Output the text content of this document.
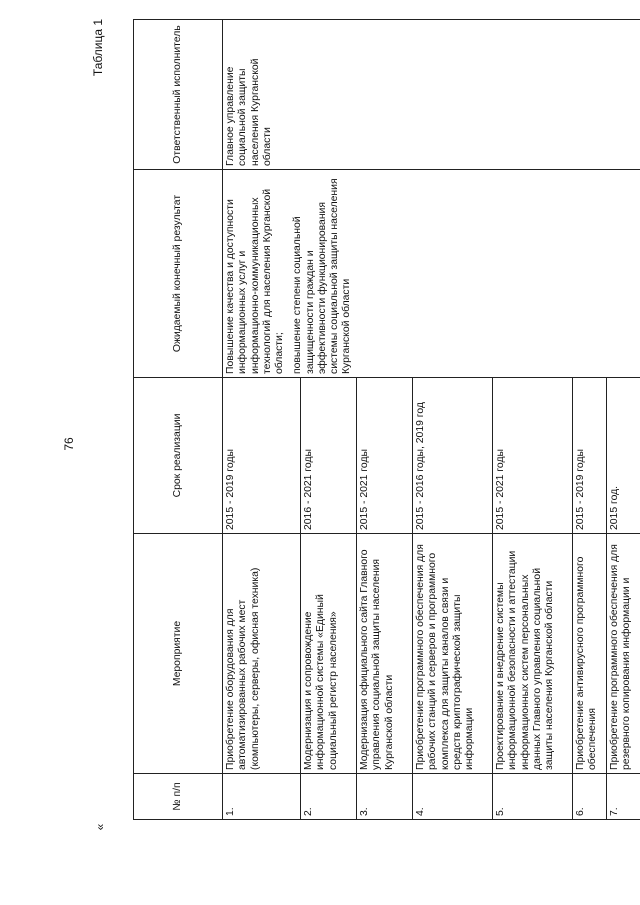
76
«
Таблица 1
№ п/п	Мероприятие	Срок реализации	Ожидаемый конечный результат	Ответственный исполнитель
1.	Приобретение оборудования для автоматизированных рабочих мест (компьютеры, серверы, офисная техника)	2015 - 2019 годы	Повышение качества и доступности информационных услуг и информационно-коммуникационных технологий для населения Курганской области; повышение степени социальной защищенности граждан и эффективности функционирования системы социальной защиты населения Курганской области	Главное управление социальной защиты населения Курганской области

2.	Модернизация и сопровождение информационной системы «Единый социальный регистр населения»	2016 - 2021 годы		
3.	Модернизация официального сайта Главного управления социальной защиты населения Курганской области	2015 - 2021 годы		
4.	Приобретение программного обеспечения для рабочих станций и серверов и программного комплекса для защиты каналов связи и средств криптографической защиты информации	2015 - 2016 годы, 2019 год		
5.	Проектирование и внедрение системы информационной безопасности и аттестации информационных систем персональных данных Главного управления социальной защиты населения Курганской области	2015 - 2021 годы		
6.	Приобретение антивирусного программного обеспечения	2015 - 2019 годы		
7.	Приобретение программного обеспечения для резервного копирования информации и	2015 год.		
